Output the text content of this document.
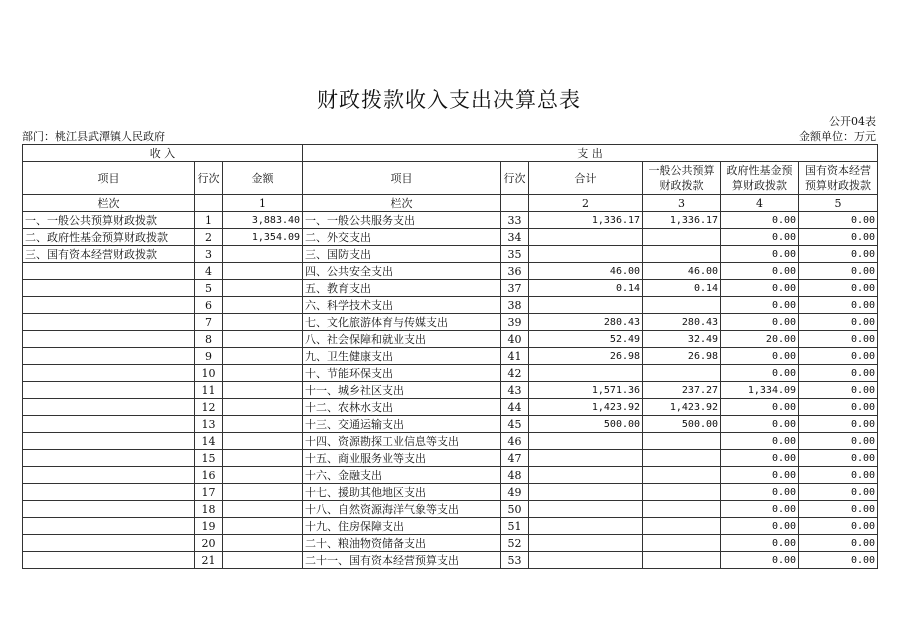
财政拨款收入支出决算总表
公开04表
部门：桃江县武潭镇人民政府	金额单位：万元
收 入			支 出					
项目	行次	金额	项目	行次	合计	一般公共预算财政拨款	政府性基金预算财政拨款	国有资本经营预算财政拨款
栏次		1	栏次		2	3	4	5
一、一般公共预算财政拨款	1	3,883.40	一、一般公共服务支出	33	1,336.17	1,336.17	0.00	0.00
二、政府性基金预算财政拨款	2	1,354.09	二、外交支出	34			0.00	0.00
三、国有资本经营财政拨款	3		三、国防支出	35			0.00	0.00
	4		四、公共安全支出	36	46.00	46.00	0.00	0.00
	5		五、教育支出	37	0.14	0.14	0.00	0.00
	6		六、科学技术支出	38			0.00	0.00
	7		七、文化旅游体育与传媒支出	39	280.43	280.43	0.00	0.00
	8		八、社会保障和就业支出	40	52.49	32.49	20.00	0.00
	9		九、卫生健康支出	41	26.98	26.98	0.00	0.00
	10		十、节能环保支出	42			0.00	0.00
	11		十一、城乡社区支出	43	1,571.36	237.27	1,334.09	0.00
	12		十二、农林水支出	44	1,423.92	1,423.92	0.00	0.00
	13		十三、交通运输支出	45	500.00	500.00	0.00	0.00
	14		十四、资源勘探工业信息等支出	46			0.00	0.00
	15		十五、商业服务业等支出	47			0.00	0.00
	16		十六、金融支出	48			0.00	0.00
	17		十七、援助其他地区支出	49			0.00	0.00
	18		十八、自然资源海洋气象等支出	50			0.00	0.00
	19		十九、住房保障支出	51			0.00	0.00
	20		二十、粮油物资储备支出	52			0.00	0.00
	21		二十一、国有资本经营预算支出	53			0.00	0.00
